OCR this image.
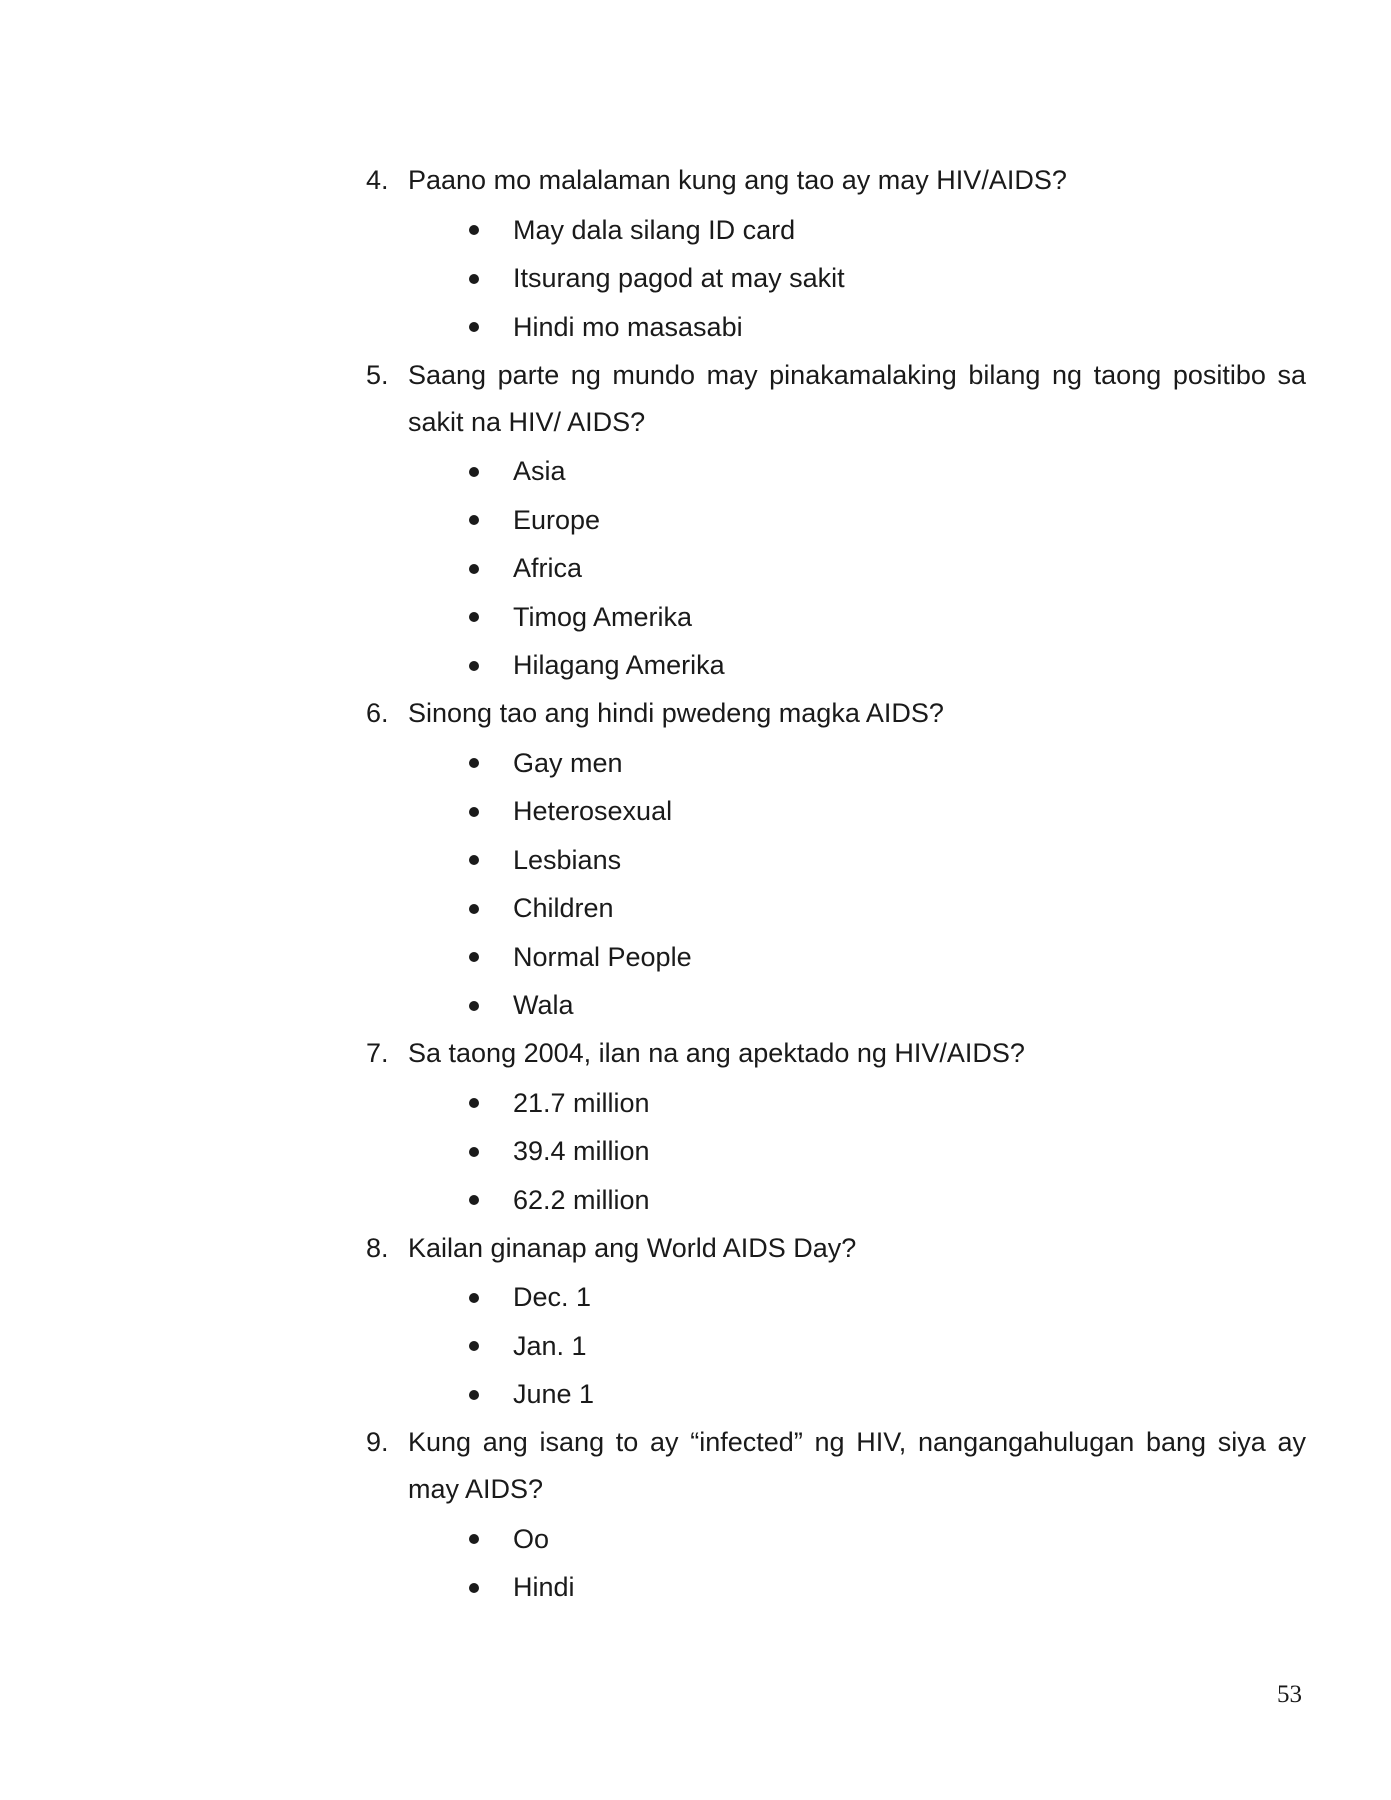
4. Paano mo malalaman kung ang tao ay may HIV/AIDS?
May dala silang ID card
Itsurang pagod at may sakit
Hindi mo masasabi
5. Saang parte ng mundo may pinakamalaking bilang ng taong positibo sa sakit na HIV/ AIDS?
Asia
Europe
Africa
Timog Amerika
Hilagang Amerika
6. Sinong tao ang hindi pwedeng magka AIDS?
Gay men
Heterosexual
Lesbians
Children
Normal People
Wala
7. Sa taong 2004, ilan na ang apektado ng HIV/AIDS?
21.7 million
39.4 million
62.2 million
8. Kailan ginanap ang World AIDS Day?
Dec. 1
Jan. 1
June 1
9. Kung ang isang to ay “infected” ng HIV, nangangahulugan bang siya ay may AIDS?
Oo
Hindi
53
